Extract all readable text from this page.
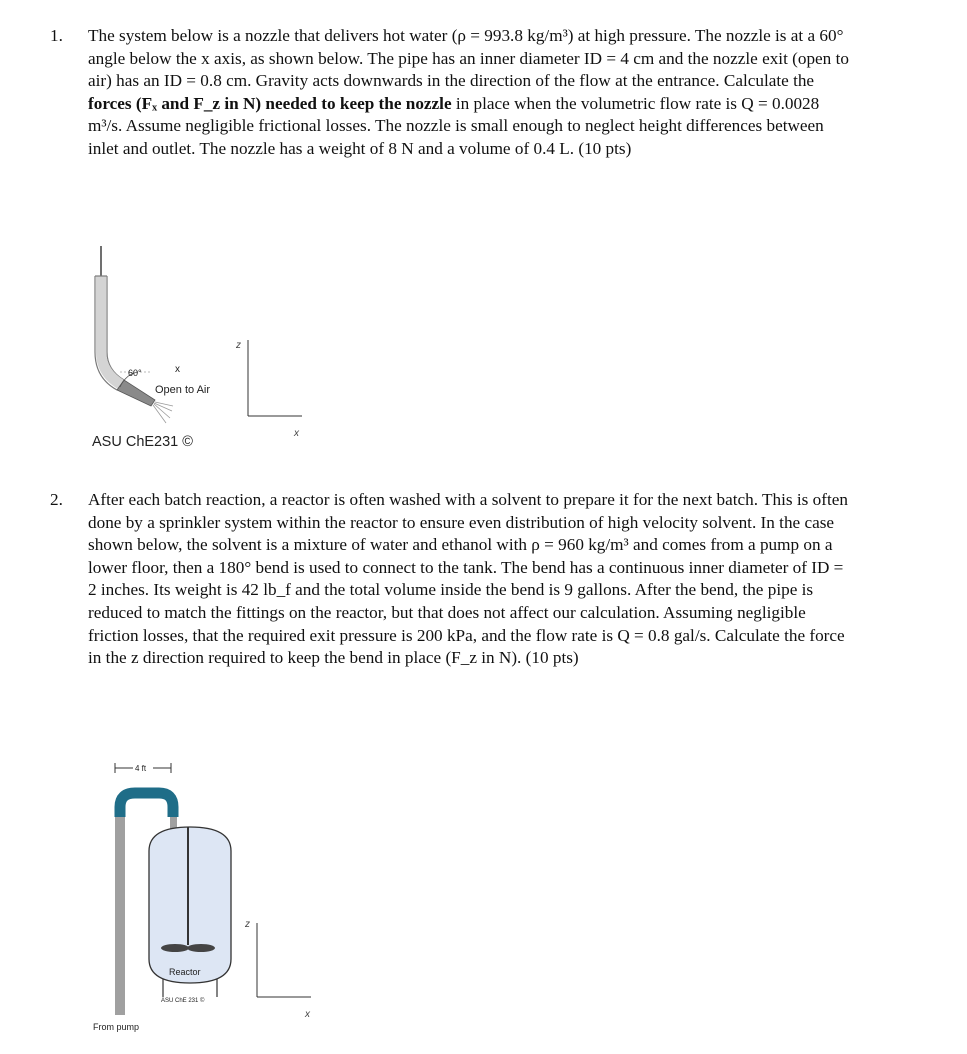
1. The system below is a nozzle that delivers hot water (ρ = 993.8 kg/m³) at high pressure. The nozzle is at a 60° angle below the x axis, as shown below. The pipe has an inner diameter ID = 4 cm and the nozzle exit (open to air) has an ID = 0.8 cm. Gravity acts downwards in the direction of the flow at the entrance. Calculate the forces (Fₓ and F_z in N) needed to keep the nozzle in place when the volumetric flow rate is Q = 0.0028 m³/s. Assume negligible frictional losses. The nozzle is small enough to neglect height differences between inlet and outlet. The nozzle has a weight of 8 N and a volume of 0.4 L. (10 pts)
60°	x
Open to Air
ASU ChE231 ©
z
x
2. After each batch reaction, a reactor is often washed with a solvent to prepare it for the next batch. This is often done by a sprinkler system within the reactor to ensure even distribution of high velocity solvent. In the case shown below, the solvent is a mixture of water and ethanol with ρ = 960 kg/m³ and comes from a pump on a lower floor, then a 180° bend is used to connect to the tank. The bend has a continuous inner diameter of ID = 2 inches. Its weight is 42 lb_f and the total volume inside the bend is 9 gallons. After the bend, the pipe is reduced to match the fittings on the reactor, but that does not affect our calculation. Assuming negligible friction losses, that the required exit pressure is 200 kPa, and the flow rate is Q = 0.8 gal/s. Calculate the force in the z direction required to keep the bend in place (F_z in N). (10 pts)
4 ft
Reactor
ASU ChE 231 ©
From pump
z
x
